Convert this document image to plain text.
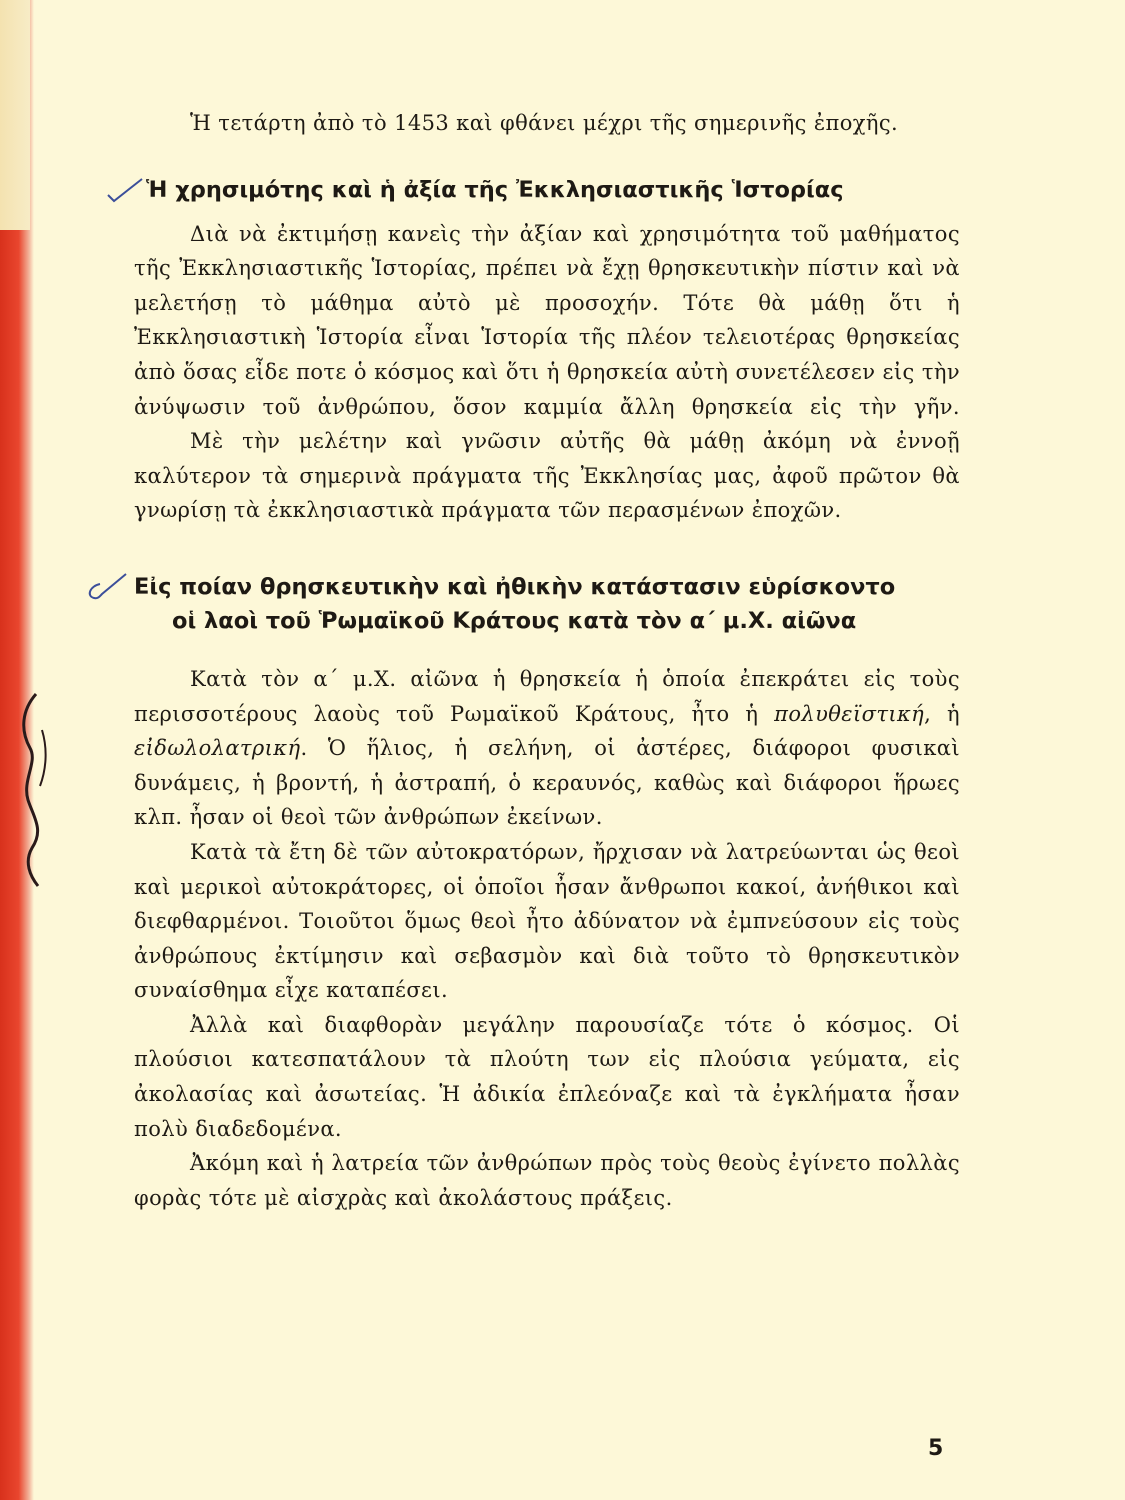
Ἡ τετάρτη ἀπὸ τὸ 1453 καὶ φθάνει μέχρι τῆς σημερινῆς ἐποχῆς.

Ἡ χρησιμότης καὶ ἡ ἀξία τῆς Ἐκκλησιαστικῆς Ἱστορίας

Διὰ νὰ ἐκτιμήσῃ κανεὶς τὴν ἀξίαν καὶ χρησιμότητα τοῦ μαθήματος τῆς Ἐκκλησιαστικῆς Ἱστορίας, πρέπει νὰ ἔχῃ θρησκευτικὴν πίστιν καὶ νὰ μελετήσῃ τὸ μάθημα αὐτὸ μὲ προσοχήν. Τότε θὰ μάθῃ ὅτι ἡ Ἐκκλησιαστικὴ Ἱστορία εἶναι Ἱστορία τῆς πλέον τελειοτέρας θρησκείας ἀπὸ ὅσας εἶδε ποτε ὁ κόσμος καὶ ὅτι ἡ θρησκεία αὐτὴ συνετέλεσεν εἰς τὴν ἀνύψωσιν τοῦ ἀνθρώπου, ὅσον καμμία ἄλλη θρησκεία εἰς τὴν γῆν.

Μὲ τὴν μελέτην καὶ γνῶσιν αὐτῆς θὰ μάθῃ ἀκόμη νὰ ἐννοῇ καλύτερον τὰ σημερινὰ πράγματα τῆς Ἐκκλησίας μας, ἀφοῦ πρῶτον θὰ γνωρίσῃ τὰ ἐκκλησιαστικὰ πράγματα τῶν περασμένων ἐποχῶν.

Εἰς ποίαν θρησκευτικὴν καὶ ἠθικὴν κατάστασιν εὑρίσκοντο
οἱ λαοὶ τοῦ Ῥωμαϊκοῦ Κράτους κατὰ τὸν α΄ μ.Χ. αἰῶνα

Κατὰ τὸν α΄ μ.Χ. αἰῶνα ἡ θρησκεία ἡ ὁποία ἐπεκράτει εἰς τοὺς περισσοτέρους λαοὺς τοῦ Ρωμαϊκοῦ Κράτους, ἦτο ἡ πολυθεϊστική, ἡ εἰδωλολατρική. Ὁ ἥλιος, ἡ σελήνη, οἱ ἀστέρες, διάφοροι φυσικαὶ δυνάμεις, ἡ βροντή, ἡ ἀστραπή, ὁ κεραυνός, καθὼς καὶ διάφοροι ἥρωες κλπ. ἦσαν οἱ θεοὶ τῶν ἀνθρώπων ἐκείνων.

Κατὰ τὰ ἔτη δὲ τῶν αὐτοκρατόρων, ἤρχισαν νὰ λατρεύωνται ὡς θεοὶ καὶ μερικοὶ αὐτοκράτορες, οἱ ὁποῖοι ἦσαν ἄνθρωποι κακοί, ἀνήθικοι καὶ διεφθαρμένοι. Τοιοῦτοι ὅμως θεοὶ ἦτο ἀδύνατον νὰ ἐμπνεύσουν εἰς τοὺς ἀνθρώπους ἐκτίμησιν καὶ σεβασμὸν καὶ διὰ τοῦτο τὸ θρησκευτικὸν συναίσθημα εἶχε καταπέσει.

Ἀλλὰ καὶ διαφθορὰν μεγάλην παρουσίαζε τότε ὁ κόσμος. Οἱ πλούσιοι κατεσπατάλουν τὰ πλούτη των εἰς πλούσια γεύματα, εἰς ἀκολασίας καὶ ἀσωτείας. Ἡ ἀδικία ἐπλεόναζε καὶ τὰ ἐγκλήματα ἦσαν πολὺ διαδεδομένα.

Ἀκόμη καὶ ἡ λατρεία τῶν ἀνθρώπων πρὸς τοὺς θεοὺς ἐγίνετο πολλὰς φορὰς τότε μὲ αἰσχρὰς καὶ ἀκολάστους πράξεις.

5
